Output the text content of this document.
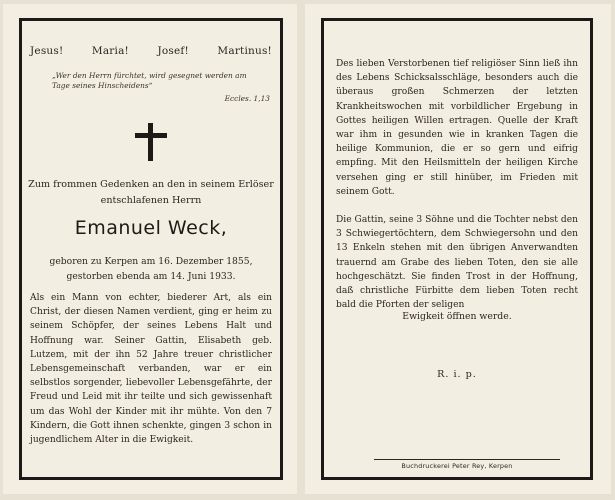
Jesus!	Maria!	Josef!	Martinus!
„Wer den Herrn fürchtet, wird gesegnet werden am Tage seines Hinscheidens“
Eccles. 1,13
Zum frommen Gedenken an den in seinem Erlöser entschlafenen Herrn
Emanuel Weck,
geboren zu Kerpen am 16. Dezember 1855, gestorben ebenda am 14. Juni 1933.
Als ein Mann von echter, biederer Art, als ein Christ, der diesen Namen verdient, ging er heim zu seinem Schöpfer, der seines Lebens Halt und Hoffnung war. Seiner Gattin, Elisabeth geb. Lutzem, mit der ihn 52 Jahre treuer christlicher Lebensgemeinschaft verbanden, war er ein selbstlos sorgender, liebevoller Lebensgefährte, der Freud und Leid mit ihr teilte und sich gewissenhaft um das Wohl der Kinder mit ihr mühte. Von den 7 Kindern, die Gott ihnen schenkte, gingen 3 schon in jugendlichem Alter in die Ewigkeit.
Des lieben Verstorbenen tief religiöser Sinn ließ ihn des Lebens Schicksalsschläge, besonders auch die überaus großen Schmerzen der letzten Krankheitswochen mit vorbildlicher Ergebung in Gottes heiligen Willen ertragen. Quelle der Kraft war ihm in gesunden wie in kranken Tagen die heilige Kommunion, die er so gern und eifrig empfing. Mit den Heilsmitteln der heiligen Kirche versehen ging er still hinüber, im Frieden mit seinem Gott.
Die Gattin, seine 3 Söhne und die Tochter nebst den 3 Schwiegertöchtern, dem Schwiegersohn und den 13 Enkeln stehen mit den übrigen Anverwandten trauernd am Grabe des lieben Toten, den sie alle hochgeschätzt. Sie finden Trost in der Hoffnung, daß christliche Fürbitte dem lieben Toten recht bald die Pforten der seligen
Ewigkeit öffnen werde.
R. i. p.
Buchdruckerei Peter Rey, Kerpen
